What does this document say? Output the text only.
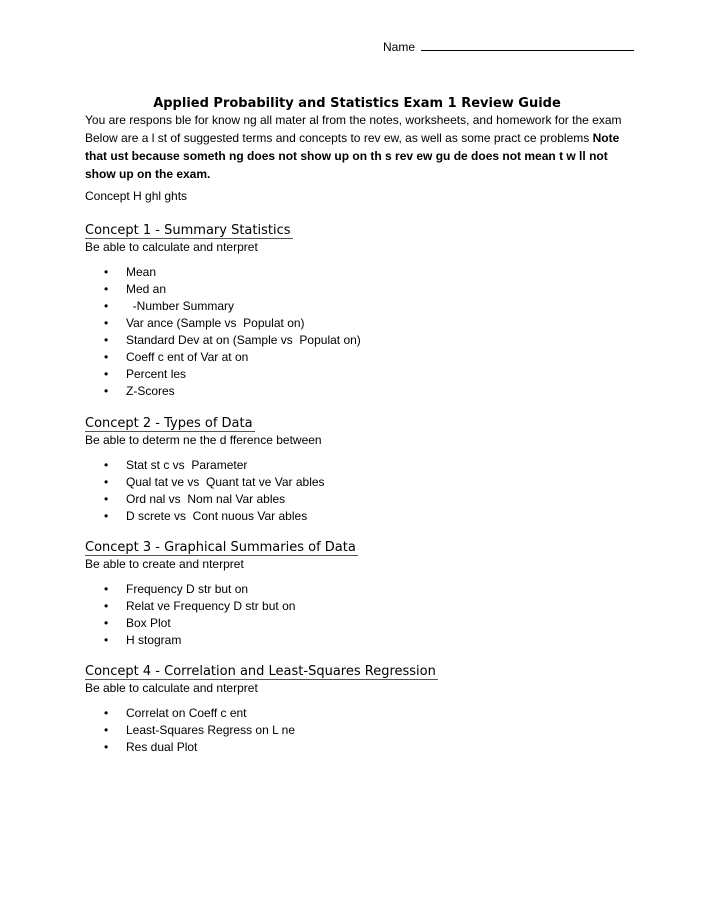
Name
Applied Probability and Statistics Exam 1 Review Guide

You are respons ble for know ng all mater al from the notes, worksheets, and homework for the exam

Below are a l st of suggested terms and concepts to rev ew, as well as some pract ce problems Note that ust because someth ng does not show up on th s rev ew gu de does not mean t w ll not show up on the exam.

Concept H ghl ghts
Concept 1 - Summary Statistics
Be able to calculate and nterpret
• Mean
• Med an
• -Number Summary
• Var ance (Sample vs  Populat on)
• Standard Dev at on (Sample vs  Populat on)
• Coeff c ent of Var at on
• Percent les
• Z-Scores
Concept 2 - Types of Data
Be able to determ ne the d fference between
• Stat st c vs  Parameter
• Qual tat ve vs  Quant tat ve Var ables
• Ord nal vs  Nom nal Var ables
• D screte vs  Cont nuous Var ables
Concept 3 - Graphical Summaries of Data
Be able to create and nterpret
• Frequency D str but on
• Relat ve Frequency D str but on
• Box Plot
• H stogram
Concept 4 - Correlation and Least-Squares Regression
Be able to calculate and nterpret
• Correlat on Coeff c ent
• Least-Squares Regress on L ne
• Res dual Plot
